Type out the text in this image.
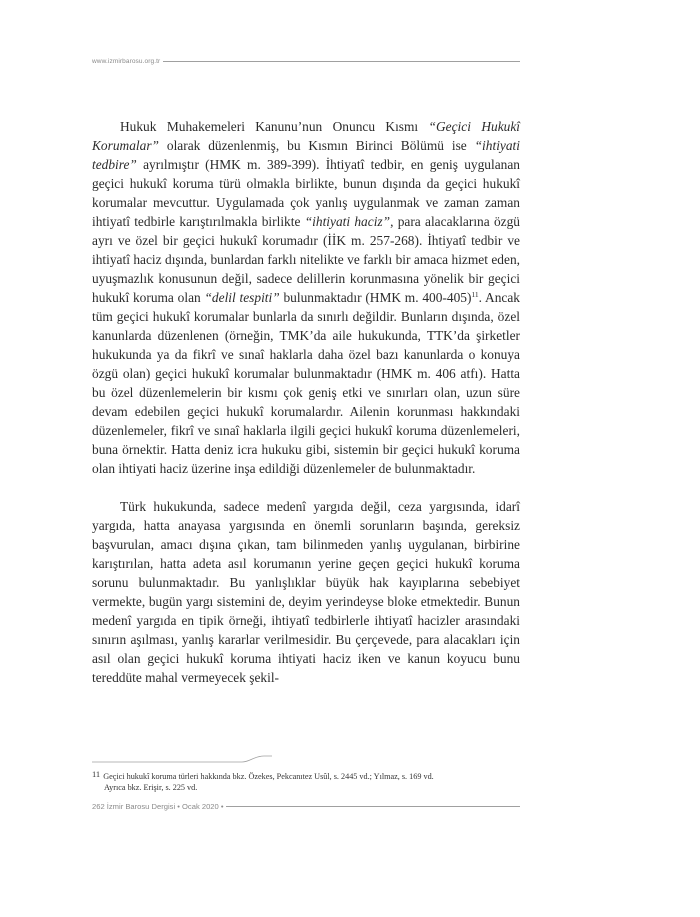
www.izmirbarosu.org.tr

Hukuk Muhakemeleri Kanunu’nun Onuncu Kısmı “Geçici Hukukî Korumalar” olarak düzenlenmiş, bu Kısmın Birinci Bölümü ise “ihtiyati tedbire” ayrılmıştır (HMK m. 389-399). İhtiyatî tedbir, en geniş uygulanan geçici hukukî koruma türü olmakla birlikte, bunun dışında da geçici hukukî korumalar mevcuttur. Uygulamada çok yanlış uygulanmak ve zaman zaman ihtiyatî tedbirle karıştırılmakla birlikte “ihtiyati haciz”, para alacaklarına özgü ayrı ve özel bir geçici hukukî korumadır (İİK m. 257-268). İhtiyatî tedbir ve ihtiyatî haciz dışında, bunlardan farklı nitelikte ve farklı bir amaca hizmet eden, uyuşmazlık konusunun değil, sadece delillerin korunmasına yönelik bir geçici hukukî koruma olan “delil tespiti” bulunmaktadır (HMK m. 400-405)$^{11}$. Ancak tüm geçici hukukî korumalar bunlarla da sınırlı değildir. Bunların dışında, özel kanunlarda düzenlenen (örneğin, TMK’da aile hukukunda, TTK’da şirketler hukukunda ya da fikrî ve sınaî haklarla daha özel bazı kanunlarda o konuya özgü olan) geçici hukukî korumalar bulunmaktadır (HMK m. 406 atfı). Hatta bu özel düzenlemelerin bir kısmı çok geniş etki ve sınırları olan, uzun süre devam edebilen geçici hukukî korumalardır. Ailenin korunması hakkındaki düzenlemeler, fikrî ve sınaî haklarla ilgili geçici hukukî koruma düzenlemeleri, buna örnektir. Hatta deniz icra hukuku gibi, sistemin bir geçici hukukî koruma olan ihtiyati haciz üzerine inşa edildiği düzenlemeler de bulunmaktadır.

Türk hukukunda, sadece medenî yargıda değil, ceza yargısında, idarî yargıda, hatta anayasa yargısında en önemli sorunların başında, gereksiz başvurulan, amacı dışına çıkan, tam bilinmeden yanlış uygulanan, birbirine karıştırılan, hatta adeta asıl korumanın yerine geçen geçici hukukî koruma sorunu bulunmaktadır. Bu yanlışlıklar büyük hak kayıplarına sebebiyet vermekte, bugün yargı sistemini de, deyim yerindeyse bloke etmektedir. Bunun medenî yargıda en tipik örneği, ihtiyatî tedbirlerle ihtiyatî hacizler arasındaki sınırın aşılması, yanlış kararlar verilmesidir. Bu çerçevede, para alacakları için asıl olan geçici hukukî koruma ihtiyati haciz iken ve kanun koyucu bunu tereddüte mahal vermeyecek şekil-

11 Geçici hukukî koruma türleri hakkında bkz. Özekes, Pekcanıtez Usûl, s. 2445 vd.; Yılmaz, s. 169 vd.
Ayrıca bkz. Erişir, s. 225 vd.
262 İzmir Barosu Dergisi • Ocak 2020 •
